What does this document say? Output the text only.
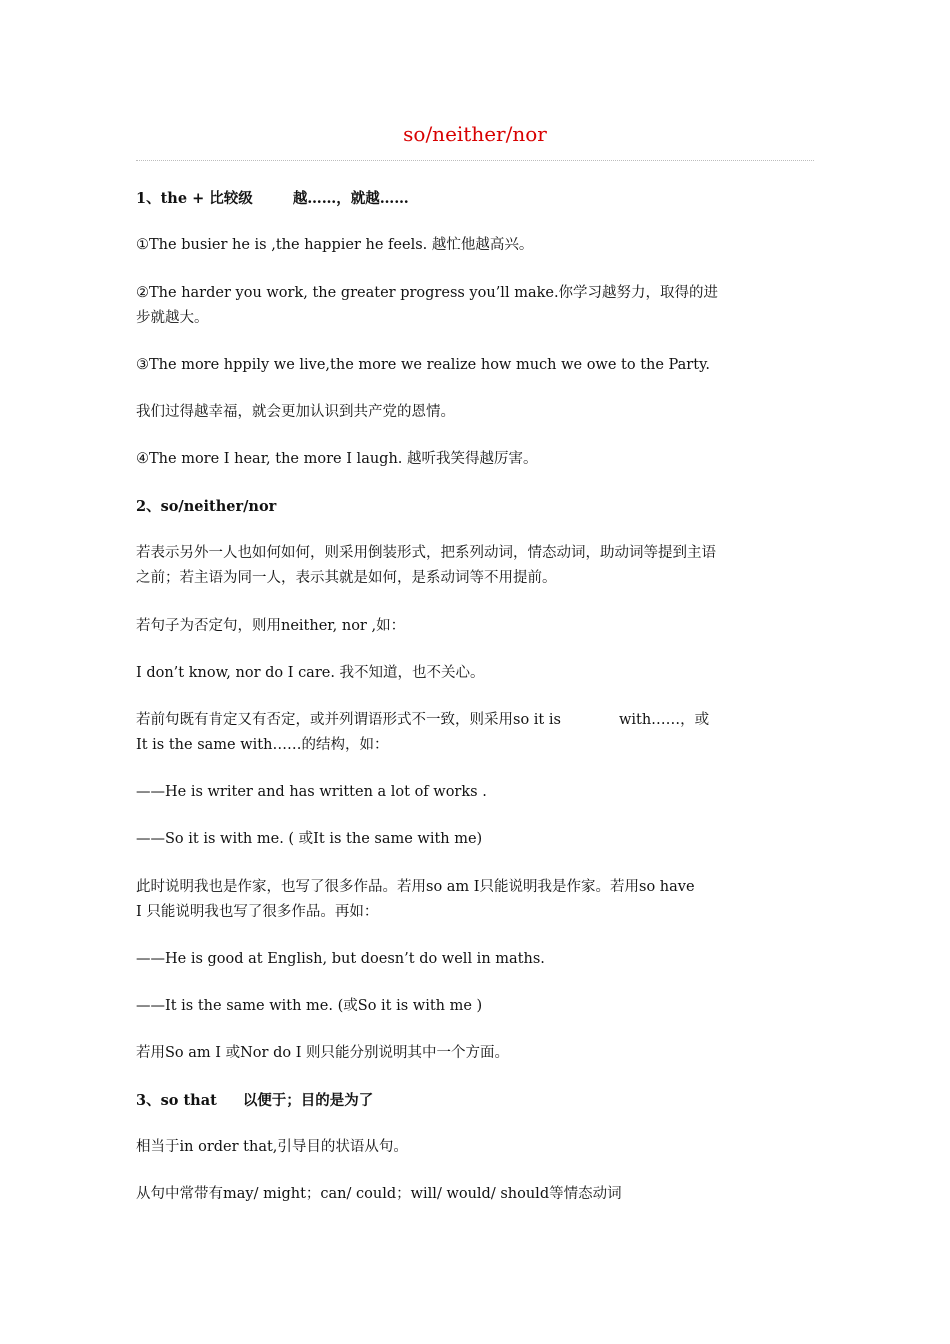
so/neither/nor
1、the + 比较级	越……，就越……
①The busier he is ,the happier he feels. 越忙他越高兴。
②The harder you work, the greater progress you’ll make.你学习越努力，取得的进
步就越大。
③The more hppily we live,the more we realize how much we owe to the Party.
我们过得越幸福，就会更加认识到共产党的恩情。
④The more I hear, the more I laugh. 越听我笑得越厉害。
2、so/neither/nor
若表示另外一人也如何如何，则采用倒装形式，把系列动词，情态动词，助动词等提到主语
之前；若主语为同一人，表示其就是如何，是系动词等不用提前。
若句子为否定句，则用neither, nor ,如：
I don’t know, nor do I care. 我不知道，也不关心。
若前句既有肯定又有否定，或并列谓语形式不一致，则采用so it is	with……，或
It is the same with……的结构，如：
——He is writer and has written a lot of works .
——So it is with me. ( 或It is the same with me)
此时说明我也是作家，也写了很多作品。若用so am I只能说明我是作家。若用so have
I 只能说明我也写了很多作品。再如：
——He is good at English, but doesn’t do well in maths.
——It is the same with me. (或So it is with me )
若用So am I 或Nor do I 则只能分别说明其中一个方面。
3、so that 以便于；目的是为了
相当于in order that,引导目的状语从句。
从句中常带有may/ might；can/ could；will/ would/ should等情态动词
